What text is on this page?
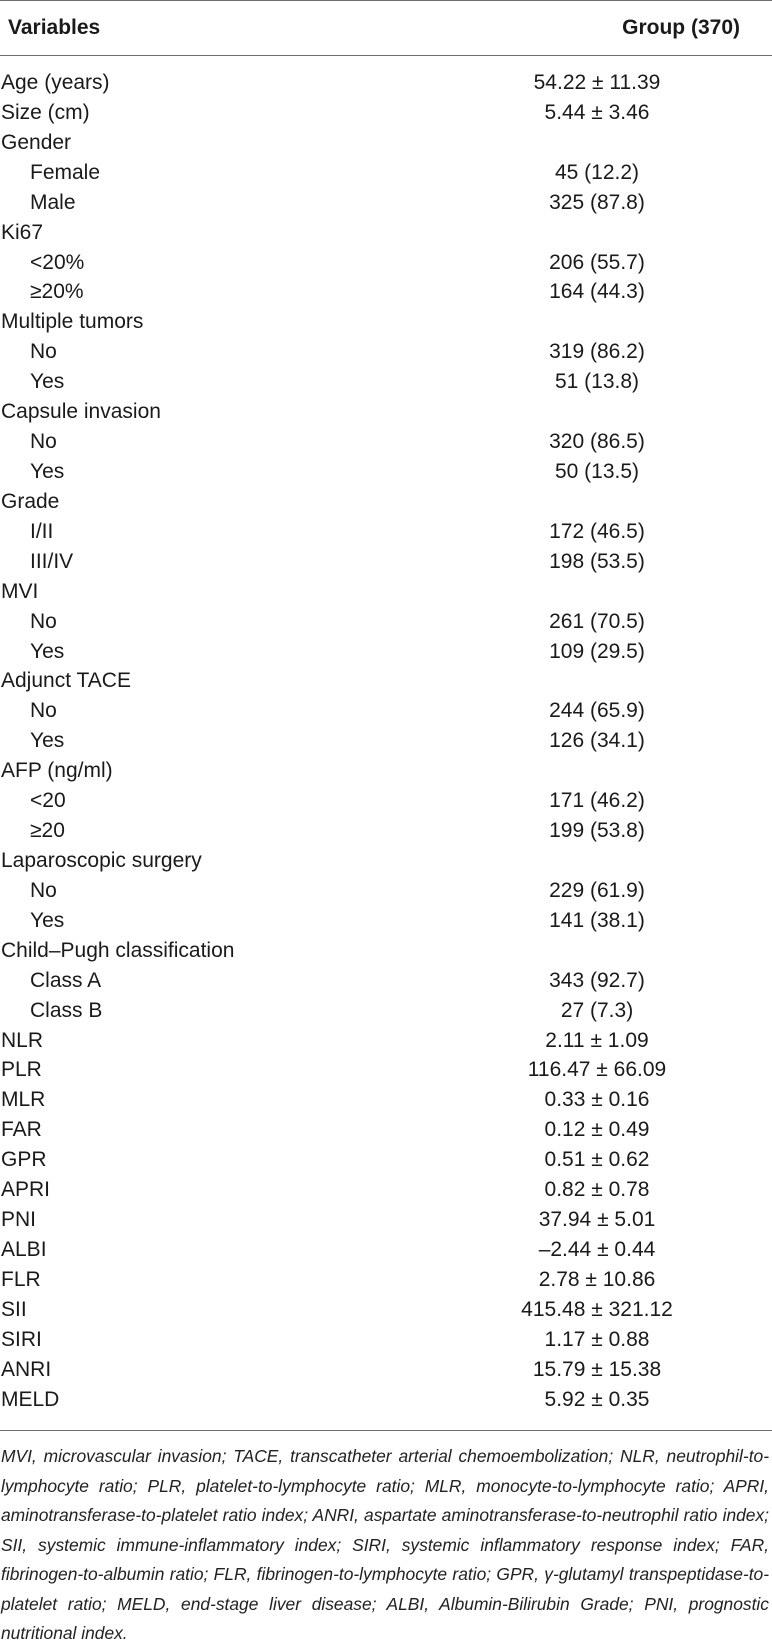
Variables	Group (370)
Age (years)	54.22 ± 11.39
Size (cm)	5.44 ± 3.46
Gender
Female	45 (12.2)
Male	325 (87.8)
Ki67
<20%	206 (55.7)
≥20%	164 (44.3)
Multiple tumors
No	319 (86.2)
Yes	51 (13.8)
Capsule invasion
No	320 (86.5)
Yes	50 (13.5)
Grade
I/II	172 (46.5)
III/IV	198 (53.5)
MVI
No	261 (70.5)
Yes	109 (29.5)
Adjunct TACE
No	244 (65.9)
Yes	126 (34.1)
AFP (ng/ml)
<20	171 (46.2)
≥20	199 (53.8)
Laparoscopic surgery
No	229 (61.9)
Yes	141 (38.1)
Child–Pugh classification
Class A	343 (92.7)
Class B	27 (7.3)
NLR	2.11 ± 1.09
PLR	116.47 ± 66.09
MLR	0.33 ± 0.16
FAR	0.12 ± 0.49
GPR	0.51 ± 0.62
APRI	0.82 ± 0.78
PNI	37.94 ± 5.01
ALBI	–2.44 ± 0.44
FLR	2.78 ± 10.86
SII	415.48 ± 321.12
SIRI	1.17 ± 0.88
ANRI	15.79 ± 15.38
MELD	5.92 ± 0.35
MVI, microvascular invasion; TACE, transcatheter arterial chemoembolization; NLR, neutrophil-to-lymphocyte ratio; PLR, platelet-to-lymphocyte ratio; MLR, monocyte-to-lymphocyte ratio; APRI, aminotransferase-to-platelet ratio index; ANRI, aspartate aminotransferase-to-neutrophil ratio index; SII, systemic immune-inflammatory index; SIRI, systemic inflammatory response index; FAR, fibrinogen-to-albumin ratio; FLR, fibrinogen-to-lymphocyte ratio; GPR, γ-glutamyl transpeptidase-to-platelet ratio; MELD, end-stage liver disease; ALBI, Albumin-Bilirubin Grade; PNI, prognostic nutritional index.
